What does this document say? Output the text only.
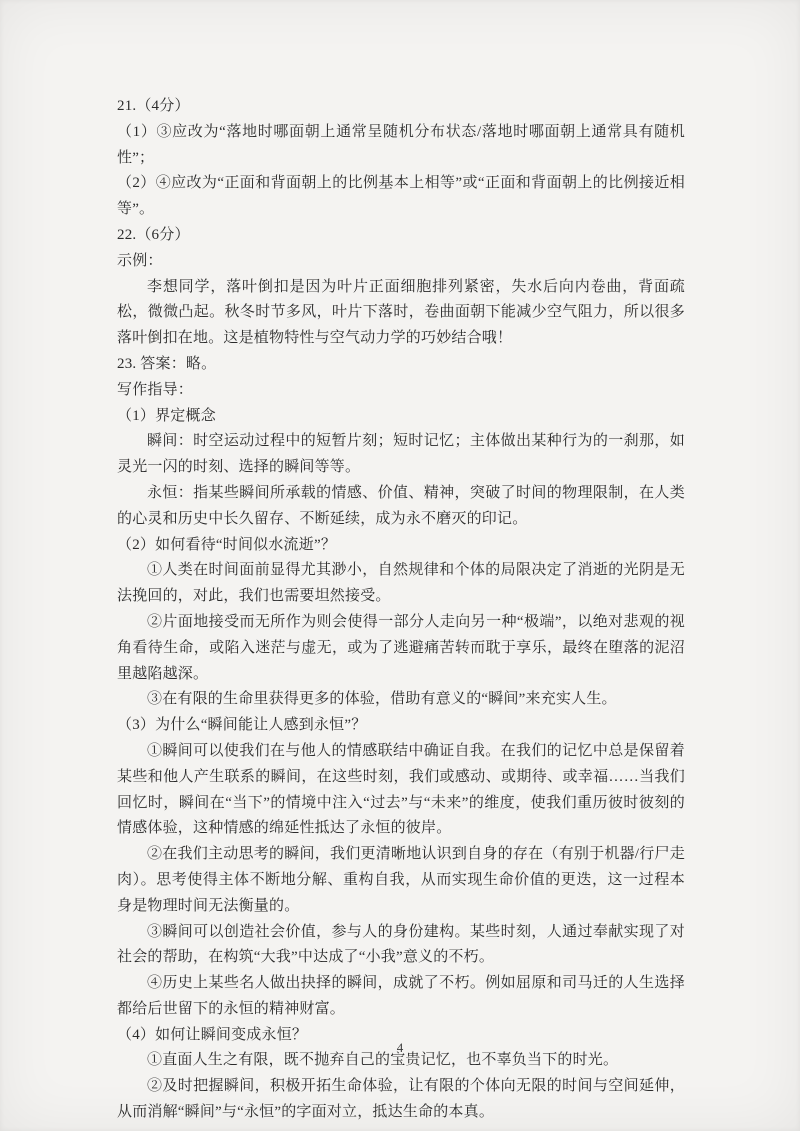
21.（4分）

（1）③应改为“落地时哪面朝上通常呈随机分布状态/落地时哪面朝上通常具有随机性”；

（2）④应改为“正面和背面朝上的比例基本上相等”或“正面和背面朝上的比例接近相等”。

22.（6分）

示例：

李想同学，落叶倒扣是因为叶片正面细胞排列紧密，失水后向内卷曲，背面疏松，微微凸起。秋冬时节多风，叶片下落时，卷曲面朝下能减少空气阻力，所以很多落叶倒扣在地。这是植物特性与空气动力学的巧妙结合哦！

23. 答案：略。

写作指导：

（1）界定概念

瞬间：时空运动过程中的短暂片刻；短时记忆；主体做出某种行为的一刹那，如灵光一闪的时刻、选择的瞬间等等。

永恒：指某些瞬间所承载的情感、价值、精神，突破了时间的物理限制，在人类的心灵和历史中长久留存、不断延续，成为永不磨灭的印记。

（2）如何看待“时间似水流逝”？

①人类在时间面前显得尤其渺小，自然规律和个体的局限决定了消逝的光阴是无法挽回的，对此，我们也需要坦然接受。

②片面地接受而无所作为则会使得一部分人走向另一种“极端”，以绝对悲观的视角看待生命，或陷入迷茫与虚无，或为了逃避痛苦转而耽于享乐，最终在堕落的泥沼里越陷越深。

③在有限的生命里获得更多的体验，借助有意义的“瞬间”来充实人生。

（3）为什么“瞬间能让人感到永恒”？

①瞬间可以使我们在与他人的情感联结中确证自我。在我们的记忆中总是保留着某些和他人产生联系的瞬间，在这些时刻，我们或感动、或期待、或幸福……当我们回忆时，瞬间在“当下”的情境中注入“过去”与“未来”的维度，使我们重历彼时彼刻的情感体验，这种情感的绵延性抵达了永恒的彼岸。

②在我们主动思考的瞬间，我们更清晰地认识到自身的存在（有别于机器/行尸走肉）。思考使得主体不断地分解、重构自我，从而实现生命价值的更迭，这一过程本身是物理时间无法衡量的。

③瞬间可以创造社会价值，参与人的身份建构。某些时刻，人通过奉献实现了对社会的帮助，在构筑“大我”中达成了“小我”意义的不朽。

④历史上某些名人做出抉择的瞬间，成就了不朽。例如屈原和司马迁的人生选择都给后世留下的永恒的精神财富。

（4）如何让瞬间变成永恒？

①直面人生之有限，既不抛弃自己的宝贵记忆，也不辜负当下的时光。

②及时把握瞬间，积极开拓生命体验，让有限的个体向无限的时间与空间延伸，从而消解“瞬间”与“永恒”的字面对立，抵达生命的本真。

4
